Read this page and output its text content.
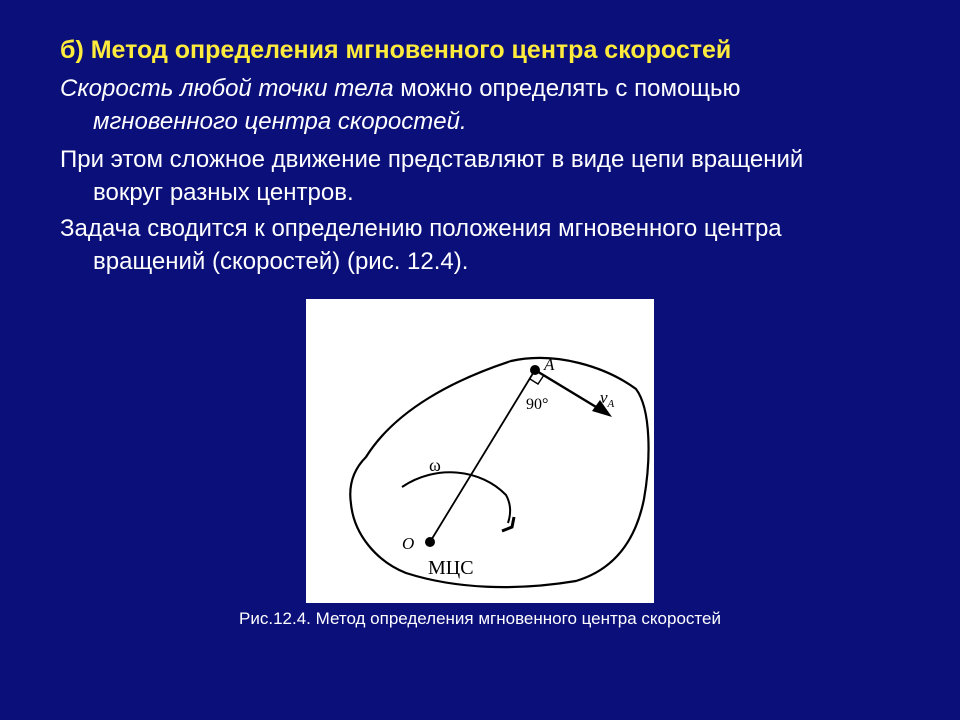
б) Метод определения мгновенного центра скоростей
Скорость любой точки тела можно определять с помощью
мгновенного центра скоростей.
При этом сложное движение представляют в виде цепи вращений
вокруг разных центров.
Задача сводится к определению положения мгновенного центра
вращений (скоростей) (рис. 12.4).
A
90°	$v_A$
ω
O
МЦС
Рис.12.4. Метод определения мгновенного центра скоростей
